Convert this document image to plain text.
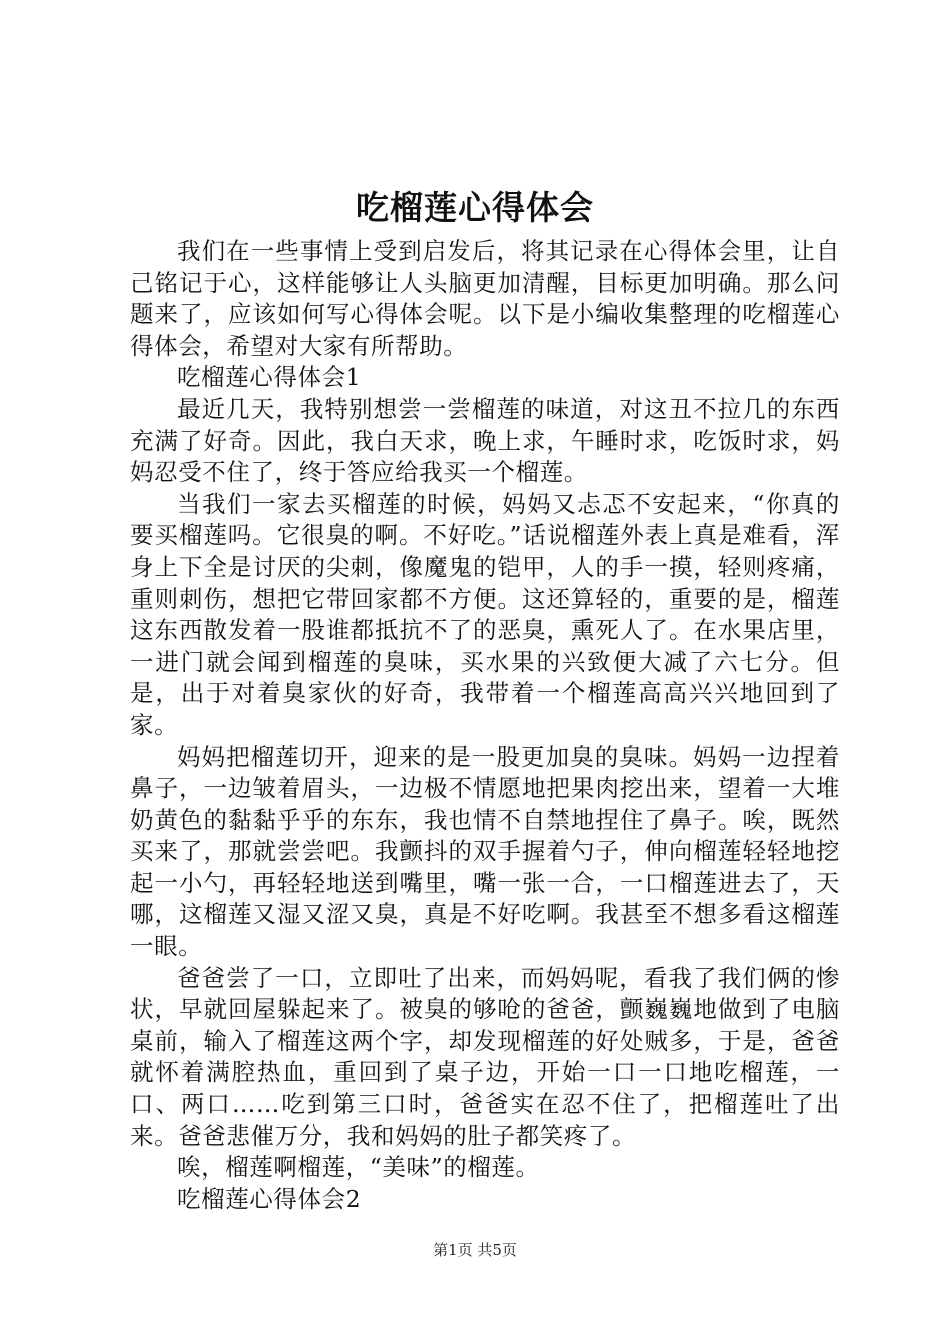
吃榴莲心得体会

我们在一些事情上受到启发后，将其记录在心得体会里，让自己铭记于心，这样能够让人头脑更加清醒，目标更加明确。那么问题来了，应该如何写心得体会呢。以下是小编收集整理的吃榴莲心得体会，希望对大家有所帮助。

吃榴莲心得体会1

最近几天，我特别想尝一尝榴莲的味道，对这丑不拉几的东西充满了好奇。因此，我白天求，晚上求，午睡时求，吃饭时求，妈妈忍受不住了，终于答应给我买一个榴莲。

当我们一家去买榴莲的时候，妈妈又忐忑不安起来，“你真的要买榴莲吗。它很臭的啊。不好吃。”话说榴莲外表上真是难看，浑身上下全是讨厌的尖刺，像魔鬼的铠甲，人的手一摸，轻则疼痛，重则刺伤，想把它带回家都不方便。这还算轻的，重要的是，榴莲这东西散发着一股谁都抵抗不了的恶臭，熏死人了。在水果店里，一进门就会闻到榴莲的臭味，买水果的兴致便大减了六七分。但是，出于对着臭家伙的好奇，我带着一个榴莲高高兴兴地回到了家。

妈妈把榴莲切开，迎来的是一股更加臭的臭味。妈妈一边捏着鼻子，一边皱着眉头，一边极不情愿地把果肉挖出来，望着一大堆奶黄色的黏黏乎乎的东东，我也情不自禁地捏住了鼻子。唉，既然买来了，那就尝尝吧。我颤抖的双手握着勺子，伸向榴莲轻轻地挖起一小勺，再轻轻地送到嘴里，嘴一张一合，一口榴莲进去了，天哪，这榴莲又湿又涩又臭，真是不好吃啊。我甚至不想多看这榴莲一眼。

爸爸尝了一口，立即吐了出来，而妈妈呢，看我了我们俩的惨状，早就回屋躲起来了。被臭的够呛的爸爸，颤巍巍地做到了电脑桌前，输入了榴莲这两个字，却发现榴莲的好处贼多，于是，爸爸就怀着满腔热血，重回到了桌子边，开始一口一口地吃榴莲，一口、两口……吃到第三口时，爸爸实在忍不住了，把榴莲吐了出来。爸爸悲催万分，我和妈妈的肚子都笑疼了。

唉，榴莲啊榴莲，“美味”的榴莲。

吃榴莲心得体会2

第1页 共5页
